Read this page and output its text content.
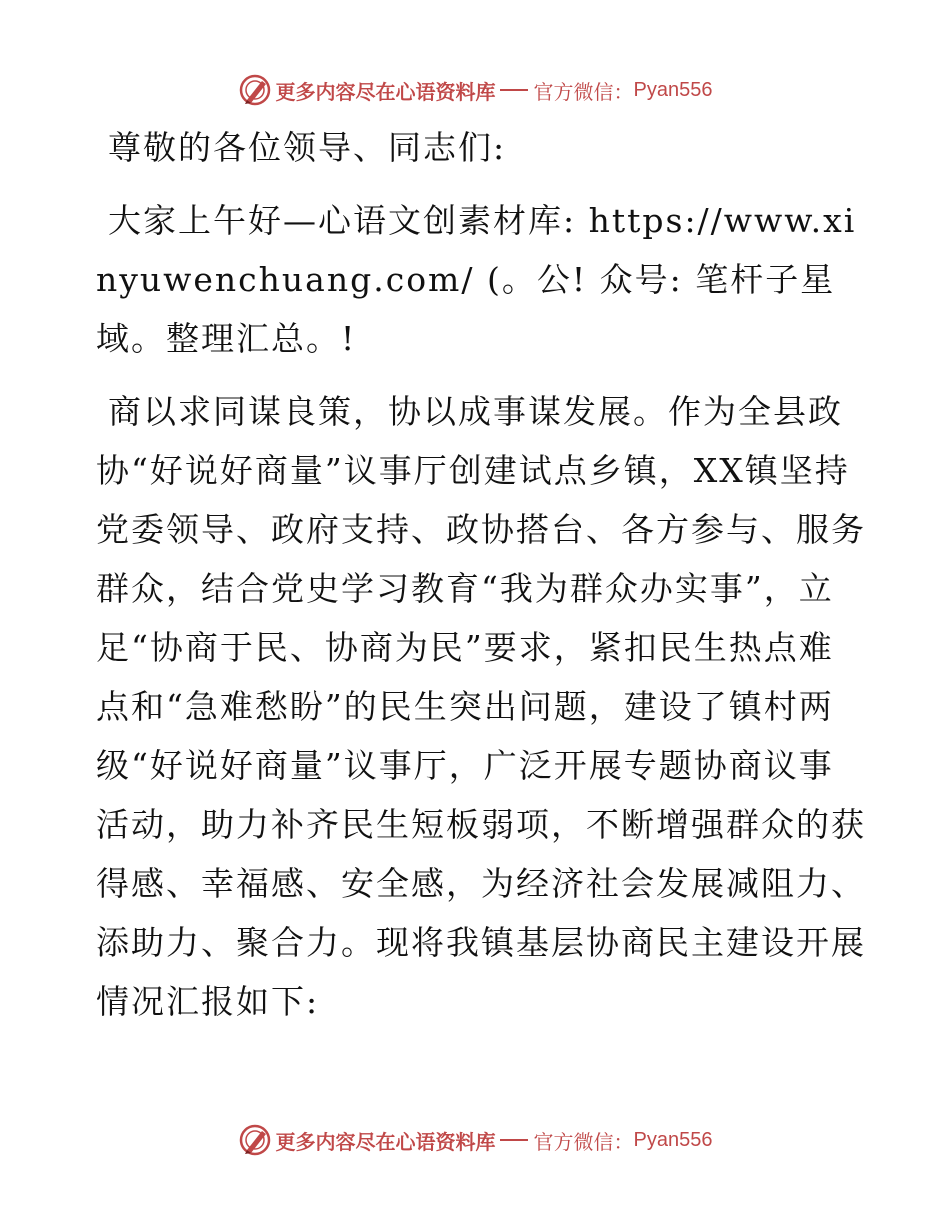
更多内容尽在心语资料库 官方微信： Pyan556

尊敬的各位领导、同志们:

大家上午好—心语文创素材库: https://www.xinyuwenchuang.com/ (。公! 众号: 笔杆子星域。整理汇总。!

商以求同谋良策，协以成事谋发展。作为全县政协“好说好商量”议事厅创建试点乡镇，XX镇坚持党委领导、政府支持、政协搭台、各方参与、服务群众，结合党史学习教育“我为群众办实事”，立足“协商于民、协商为民”要求，紧扣民生热点难点和“急难愁盼”的民生突出问题，建设了镇村两级“好说好商量”议事厅，广泛开展专题协商议事活动，助力补齐民生短板弱项，不断增强群众的获得感、幸福感、安全感，为经济社会发展减阻力、添助力、聚合力。现将我镇基层协商民主建设开展情况汇报如下:

更多内容尽在心语资料库 官方微信： Pyan556
